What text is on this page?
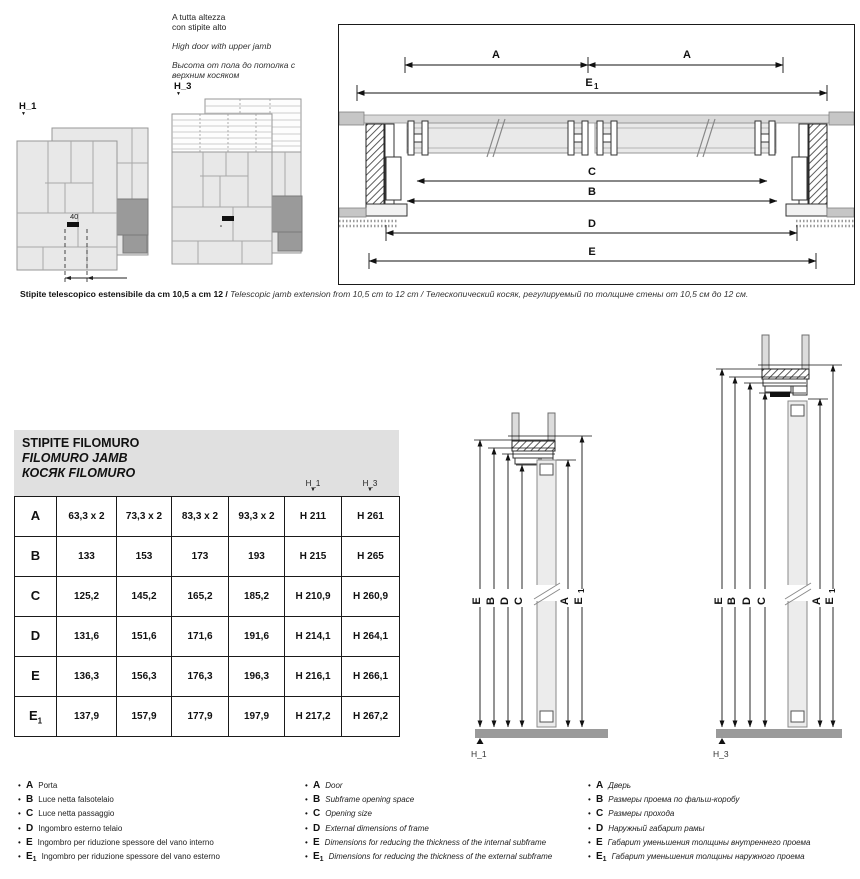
A tutta altezza
con stipite alto

High door with upper jamb

Высота от пола до потолка с
верхним косяком

H_1
▼
40
H_3
▼
A	A
E 1
C
B
D
E
Stipite telescopico estensibile da cm 10,5 a cm 12 / Telescopic jamb extension from 10,5 cm to 12 cm / Телескопический косяк, регулируемый по толщине стены от 10,5 см до 12 см.
STIPITE FILOMURO
FILOMURO JAMB
КОСЯК FILOMURO
H_1
▼
H_3
▼
A	63,3 x 2	73,3 x 2	83,3 x 2	93,3 x 2	H 211	H 261
B	133	153	173	193	H 215	H 265
C	125,2	145,2	165,2	185,2	H 210,9	H 260,9
D	131,6	151,6	171,6	191,6	H 214,1	H 264,1
E	136,3	156,3	176,3	196,3	H 216,1	H 266,1
$E_1$	137,9	157,9	177,9	197,9	H 217,2	H 267,2
E B D C	A E
1
H_1
E B D C	A E
1
H_3
• A Porta
• B Luce netta falsotelaio
• C Luce netta passaggio
• D Ingombro esterno telaio
• E Ingombro per riduzione spessore del vano interno
• E 1 Ingombro per riduzione spessore del vano esterno
• A Door
• B Subframe opening space
• C Opening size
• D External dimensions of frame
• E Dimensions for reducing the thickness of the internal subframe
• E 1 Dimensions for reducing the thickness of the external subframe
• A Дверь
• B Размеры проема по фальш-коробу
• C Размеры прохода
• D Наружный габарит рамы
• E Габарит уменьшения толщины внутреннего проема
• E 1 Габарит уменьшения толщины наружного проема
